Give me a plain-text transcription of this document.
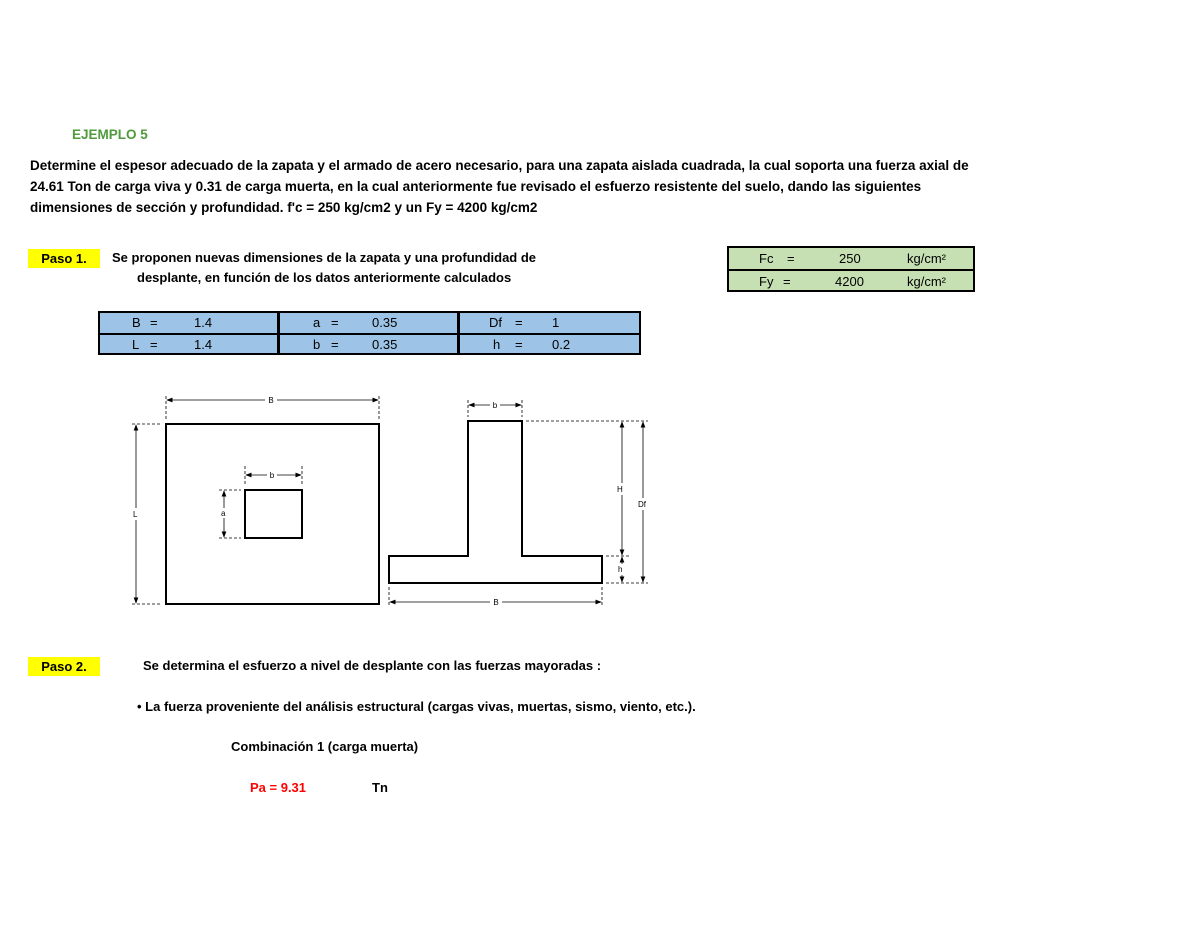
EJEMPLO 5
Determine el espesor adecuado de la zapata y el armado de acero necesario, para una zapata aislada cuadrada, la cual soporta una fuerza axial de
24.61 Ton de carga viva y 0.31 de carga muerta, en la cual anteriormente fue revisado el esfuerzo resistente del suelo, dando las siguientes
dimensiones de sección y profundidad. f'c = 250 kg/cm2 y un Fy = 4200 kg/cm2
Paso 1.	Se proponen nuevas dimensiones de la zapata y una profundidad de
desplante, en función de los datos anteriormente calculados
Fc =	250	kg/cm²
Fy =	4200	kg/cm²
B =	1.4	a =	0.35	Df = 1
L =	1.4	b =	0.35	h = 0.2
B
L
b
a
b
H
Df
h
B
Paso 2.	Se determina el esfuerzo a nivel de desplante con las fuerzas mayoradas :
• La fuerza proveniente del análisis estructural (cargas vivas, muertas, sismo, viento, etc.).
Combinación 1 (carga muerta)
Pa = 9.31	Tn
